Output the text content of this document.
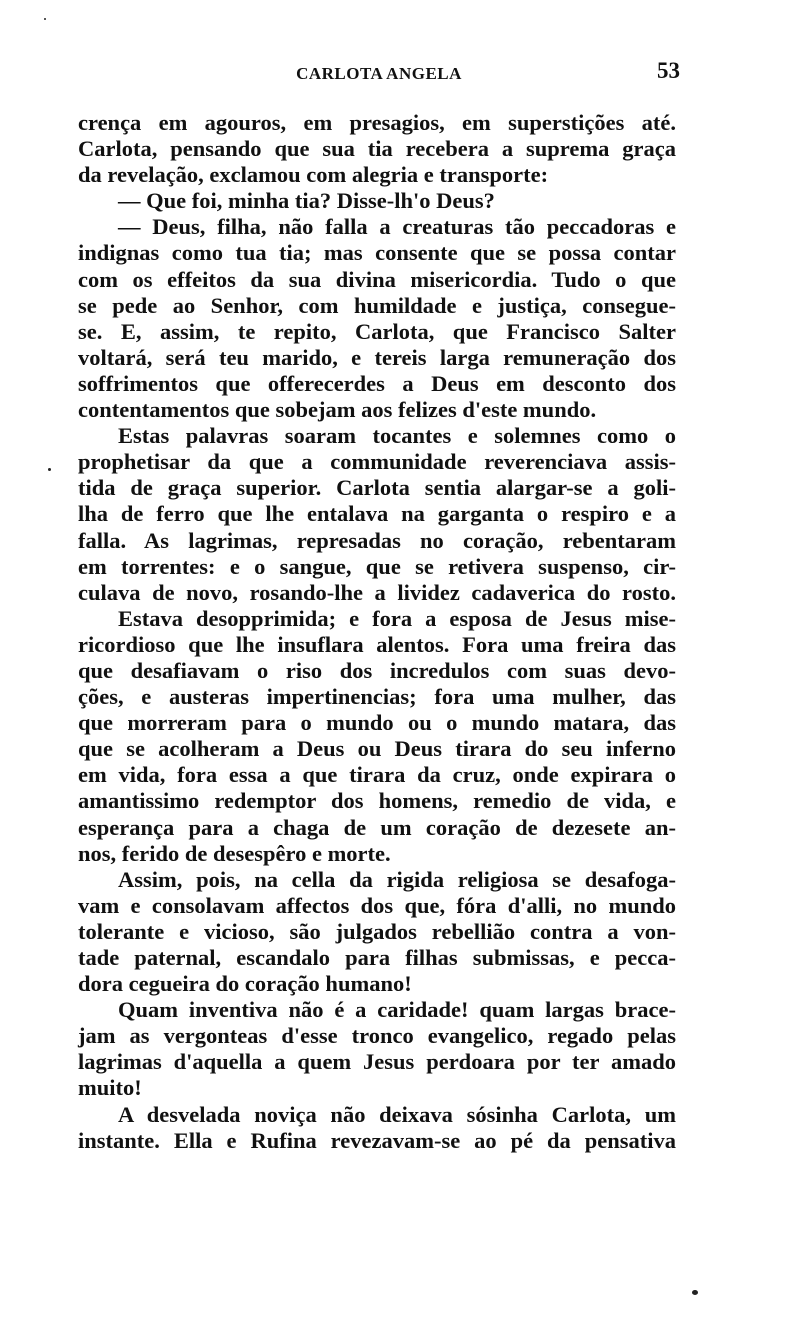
CARLOTA ANGELA	53
crença em agouros, em presagios, em superstições até.
Carlota, pensando que sua tia recebera a suprema graça
da revelação, exclamou com alegria e transporte:
— Que foi, minha tia? Disse-lh'o Deus?
— Deus, filha, não falla a creaturas tão peccadoras e
indignas como tua tia; mas consente que se possa contar
com os effeitos da sua divina misericordia. Tudo o que
se pede ao Senhor, com humildade e justiça, consegue-
se. E, assim, te repito, Carlota, que Francisco Salter
voltará, será teu marido, e tereis larga remuneração dos
soffrimentos que offerecerdes a Deus em desconto dos
contentamentos que sobejam aos felizes d'este mundo.
Estas palavras soaram tocantes e solemnes como o
prophetisar da que a communidade reverenciava assis-
tida de graça superior. Carlota sentia alargar-se a goli-
lha de ferro que lhe entalava na garganta o respiro e a
falla. As lagrimas, represadas no coração, rebentaram
em torrentes: e o sangue, que se retivera suspenso, cir-
culava de novo, rosando-lhe a lividez cadaverica do rosto.
Estava desopprimida; e fora a esposa de Jesus mise-
ricordioso que lhe insuflara alentos. Fora uma freira das
que desafiavam o riso dos incredulos com suas devo-
ções, e austeras impertinencias; fora uma mulher, das
que morreram para o mundo ou o mundo matara, das
que se acolheram a Deus ou Deus tirara do seu inferno
em vida, fora essa a que tirara da cruz, onde expirara o
amantissimo redemptor dos homens, remedio de vida, e
esperança para a chaga de um coração de dezesete an-
nos, ferido de desespêro e morte.
Assim, pois, na cella da rigida religiosa se desafoga-
vam e consolavam affectos dos que, fóra d'alli, no mundo
tolerante e vicioso, são julgados rebellião contra a von-
tade paternal, escandalo para filhas submissas, e pecca-
dora cegueira do coração humano!
Quam inventiva não é a caridade! quam largas brace-
jam as vergonteas d'esse tronco evangelico, regado pelas
lagrimas d'aquella a quem Jesus perdoara por ter amado
muito!
A desvelada noviça não deixava sósinha Carlota, um
instante. Ella e Rufina revezavam-se ao pé da pensativa
